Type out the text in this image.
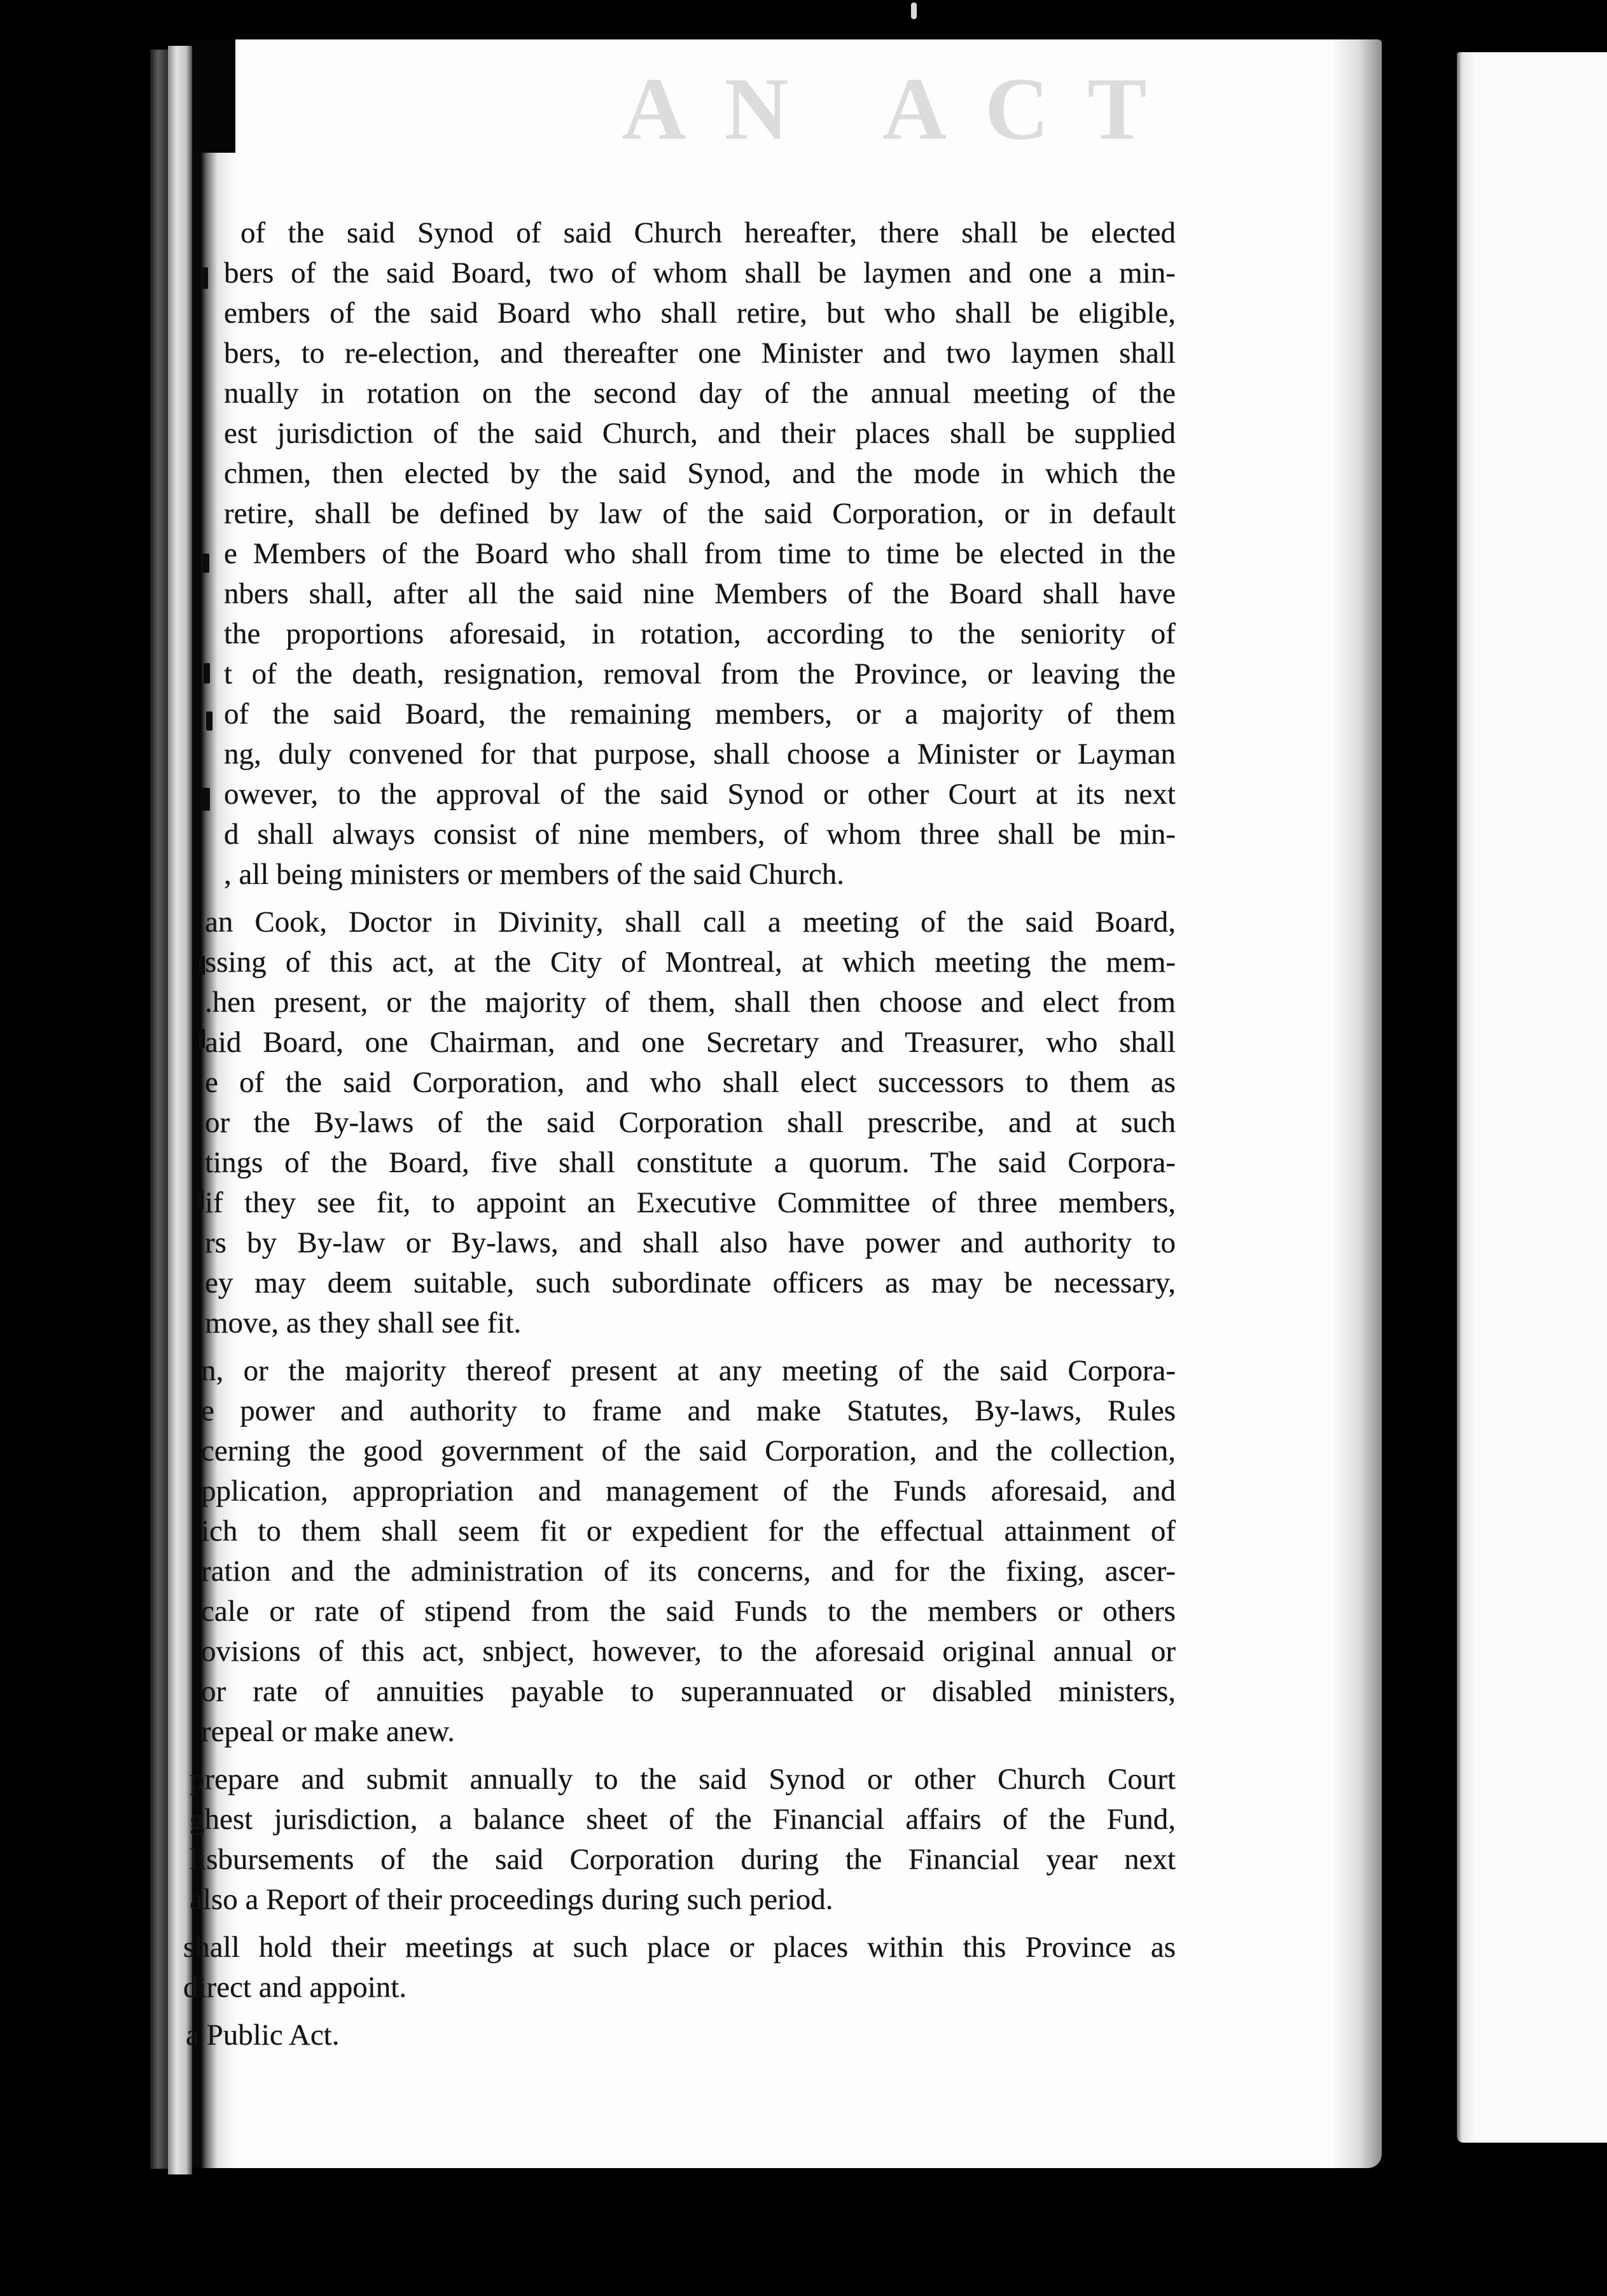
AN ACT
of the said Synod of said Church hereafter, there shall be elected
bers of the said Board, two of whom shall be laymen and one a min-
embers of the said Board who shall retire, but who shall be eligible,
bers, to re-election, and thereafter one Minister and two laymen shall
nually in rotation on the second day of the annual meeting of the
est jurisdiction of the said Church, and their places shall be supplied
chmen, then elected by the said Synod, and the mode in which the
retire, shall be defined by law of the said Corporation, or in default
e Members of the Board who shall from time to time be elected in the
nbers shall, after all the said nine Members of the Board shall have
the proportions aforesaid, in rotation, according to the seniority of
t of the death, resignation, removal from the Province, or leaving the
of the said Board, the remaining members, or a majority of them
ng, duly convened for that purpose, shall choose a Minister or Layman
owever, to the approval of the said Synod or other Court at its next
d shall always consist of nine members, of whom three shall be min-
, all being ministers or members of the said Church.
an Cook, Doctor in Divinity, shall call a meeting of the said Board,
ssing of this act, at the City of Montreal, at which meeting the mem-
.hen present, or the majority of them, shall then choose and elect from
aid Board, one Chairman, and one Secretary and Treasurer, who shall
e of the said Corporation, and who shall elect successors to them as
or the By-laws of the said Corporation shall prescribe, and at such
tings of the Board, five shall constitute a quorum. The said Corpora-
if they see fit, to appoint an Executive Committee of three members,
rs by By-law or By-laws, and shall also have power and authority to
ey may deem suitable, such subordinate officers as may be necessary,
move, as they shall see fit.
n, or the majority thereof present at any meeting of the said Corpora-
e power and authority to frame and make Statutes, By-laws, Rules
cerning the good government of the said Corporation, and the collection,
pplication, appropriation and management of the Funds aforesaid, and
ich to them shall seem fit or expedient for the effectual attainment of
ration and the administration of its concerns, and for the fixing, ascer-
cale or rate of stipend from the said Funds to the members or others
ovisions of this act, snbject, however, to the aforesaid original annual or
or rate of annuities payable to superannuated or disabled ministers,
repeal or make anew.
prepare and submit annually to the said Synod or other Church Court
ghest jurisdiction, a balance sheet of the Financial affairs of the Fund,
lisbursements of the said Corporation during the Financial year next
also a Report of their proceedings during such period.
shall hold their meetings at such place or places within this Province as
direct and appoint.
a Public Act.
